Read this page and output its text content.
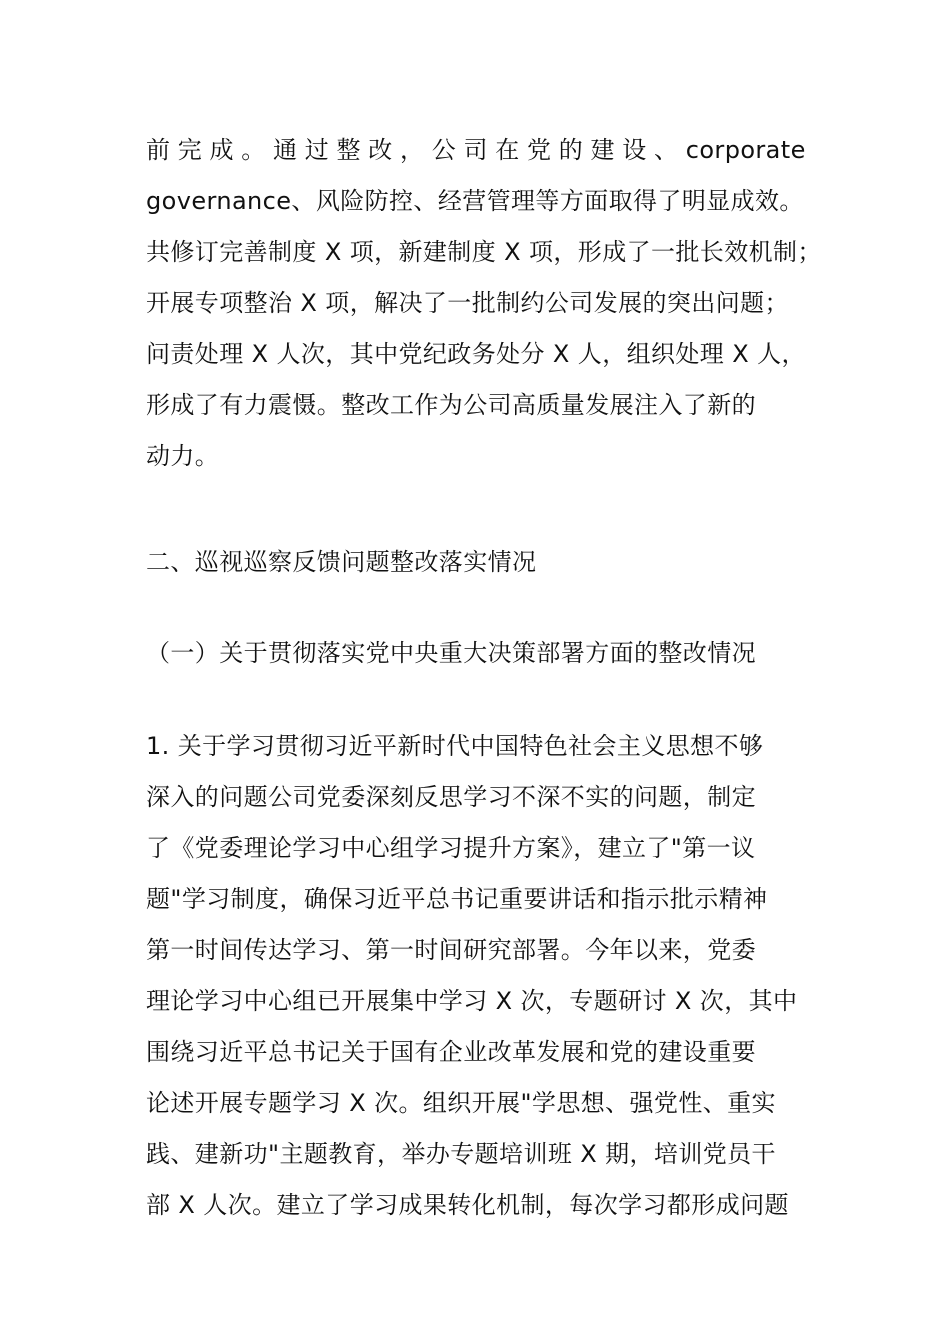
前 完 成 。 通 过 整 改 ， 公 司 在 党 的 建 设 、 corporate
governance、风险防控、经营管理等方面取得了明显成效。
共修订完善制度 X 项，新建制度 X 项，形成了一批长效机制；
开展专项整治 X 项，解决了一批制约公司发展的突出问题；
问责处理 X 人次，其中党纪政务处分 X 人，组织处理 X 人，
形成了有力震慑。整改工作为公司高质量发展注入了新的
动力。
二、巡视巡察反馈问题整改落实情况
（一）关于贯彻落实党中央重大决策部署方面的整改情况
1. 关于学习贯彻习近平新时代中国特色社会主义思想不够
深入的问题公司党委深刻反思学习不深不实的问题，制定
了《党委理论学习中心组学习提升方案》，建立了"第一议
题"学习制度，确保习近平总书记重要讲话和指示批示精神
第一时间传达学习、第一时间研究部署。今年以来，党委
理论学习中心组已开展集中学习 X 次，专题研讨 X 次，其中
围绕习近平总书记关于国有企业改革发展和党的建设重要
论述开展专题学习 X 次。组织开展"学思想、强党性、重实
践、建新功"主题教育，举办专题培训班 X 期，培训党员干
部 X 人次。建立了学习成果转化机制，每次学习都形成问题
